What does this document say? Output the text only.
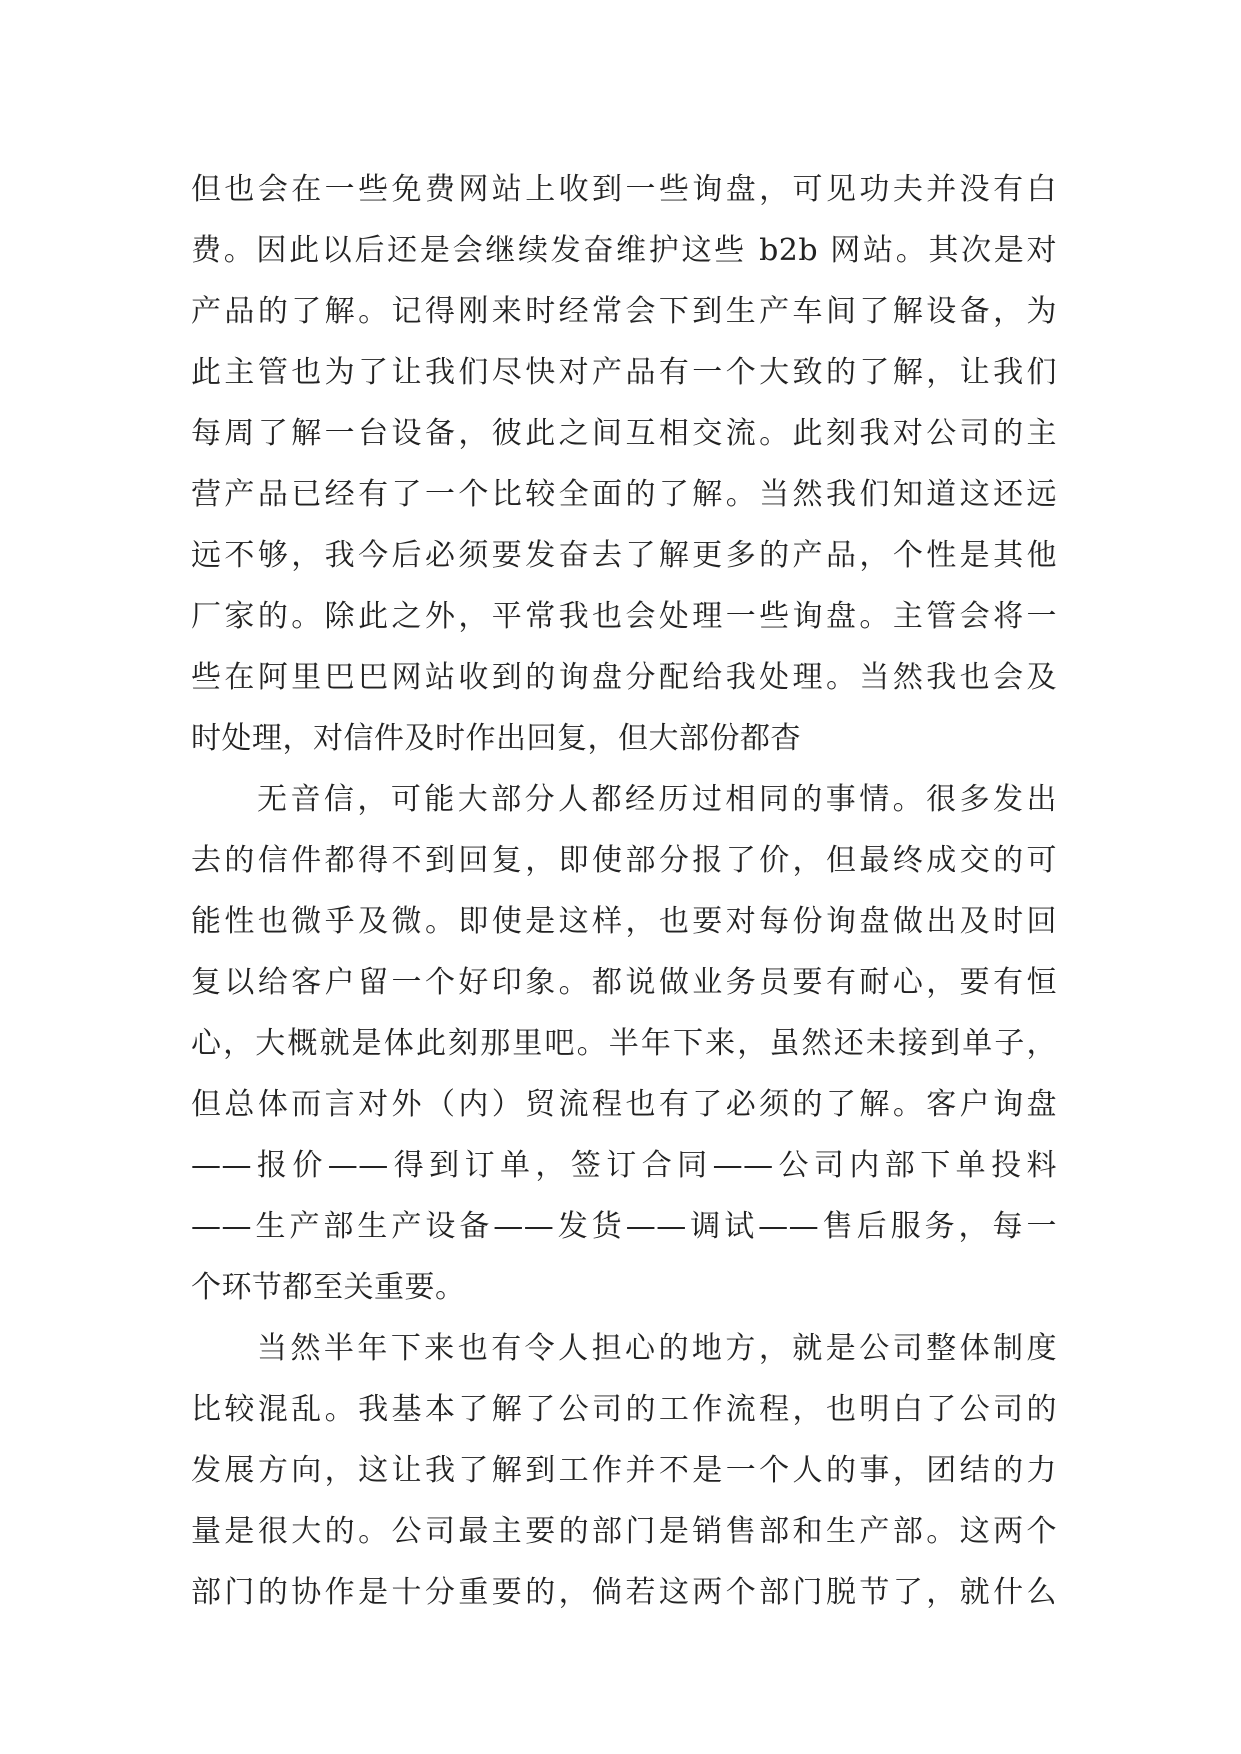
但也会在一些免费网站上收到一些询盘，可见功夫并没有白
费。因此以后还是会继续发奋维护这些 b2b 网站。其次是对
产品的了解。记得刚来时经常会下到生产车间了解设备，为
此主管也为了让我们尽快对产品有一个大致的了解，让我们
每周了解一台设备，彼此之间互相交流。此刻我对公司的主
营产品已经有了一个比较全面的了解。当然我们知道这还远
远不够，我今后必须要发奋去了解更多的产品，个性是其他
厂家的。除此之外，平常我也会处理一些询盘。主管会将一
些在阿里巴巴网站收到的询盘分配给我处理。当然我也会及
时处理，对信件及时作出回复，但大部份都杳
无音信，可能大部分人都经历过相同的事情。很多发出
去的信件都得不到回复，即使部分报了价，但最终成交的可
能性也微乎及微。即使是这样，也要对每份询盘做出及时回
复以给客户留一个好印象。都说做业务员要有耐心，要有恒
心，大概就是体此刻那里吧。半年下来，虽然还未接到单子，
但总体而言对外（内）贸流程也有了必须的了解。客户询盘
——报价——得到订单，签订合同——公司内部下单投料
——生产部生产设备——发货——调试——售后服务，每一
个环节都至关重要。
当然半年下来也有令人担心的地方，就是公司整体制度
比较混乱。我基本了解了公司的工作流程，也明白了公司的
发展方向，这让我了解到工作并不是一个人的事，团结的力
量是很大的。公司最主要的部门是销售部和生产部。这两个
部门的协作是十分重要的，倘若这两个部门脱节了，就什么
